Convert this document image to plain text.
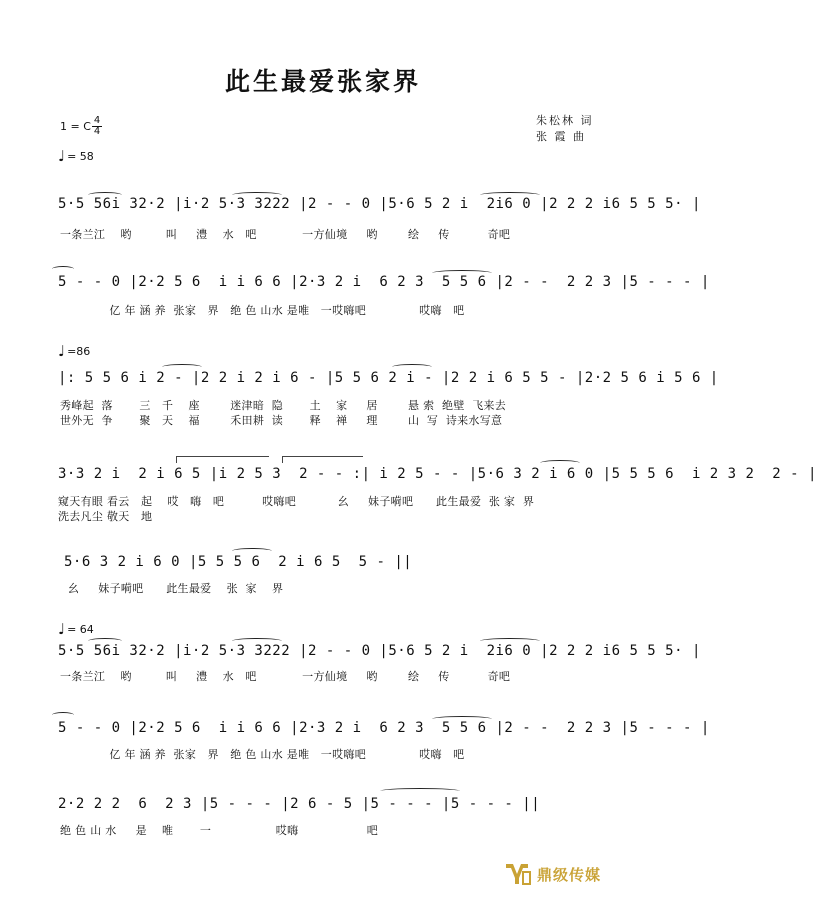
此生最爱张家界
朱松林 词
张 霞 曲
1 = C $\frac{4}{4}$
♩ = 58
5·5 56i 32·2 |i·2 5·3 3222 |2 - - 0 |5·6 5 2 i  2i6 0 |2 2 2 i6 5 5 5· |
一条兰江    哟         叫     澧    水   吧            一方仙境     哟        绘     传          奇吧
5 - - 0 |2·2 5 6  i i 6 6 |2·3 2 i  6 2 3  5 5 6 |2 - -  2 2 3 |5 - - - |
亿 年 涵 养  张家   界   绝 色 山水 是唯   一哎嗨吧              哎嗨   吧
♩ =86
|: 5 5 6 i 2 - |2 2 i 2 i 6 - |5 5 6 2 i - |2 2 i 6 5 5 - |2·2 5 6 i 5 6 |
秀峰起  落       三   千    座        迷津暗  隐       土    家     居        悬 索  绝壁  飞来去
世外无  争       聚   天    福        禾田耕  读       释    禅     理        山  写  诗来水写意
3·3 2 i  2 i 6 5 |i 2 5 3  2 - - :| i 2 5 - - |5·6 3 2 i 6 0 |5 5 5 6  i 2 3 2  2 - |
窥天有眼 看云   起    哎   嗨   吧          哎嗨吧           幺     妹子嗬吧      此生最爱  张 家  界
洗去凡尘 敬天   地
5·6 3 2 i 6 0 |5 5 5 6  2 i 6 5  5 - ||
幺     妹子嗬吧      此生最爱    张  家    界
♩ = 64
5·5 56i 32·2 |i·2 5·3 3222 |2 - - 0 |5·6 5 2 i  2i6 0 |2 2 2 i6 5 5 5· |
一条兰江    哟         叫     澧    水   吧            一方仙境     哟        绘     传          奇吧
5 - - 0 |2·2 5 6  i i 6 6 |2·3 2 i  6 2 3  5 5 6 |2 - -  2 2 3 |5 - - - |
亿 年 涵 养  张家   界   绝 色 山水 是唯   一哎嗨吧              哎嗨   吧
2·2 2 2  6  2 3 |5 - - - |2 6 - 5 |5 - - - |5 - - - ||
绝 色 山 水     是    唯       一                 哎嗨                  吧
鼎级传媒
